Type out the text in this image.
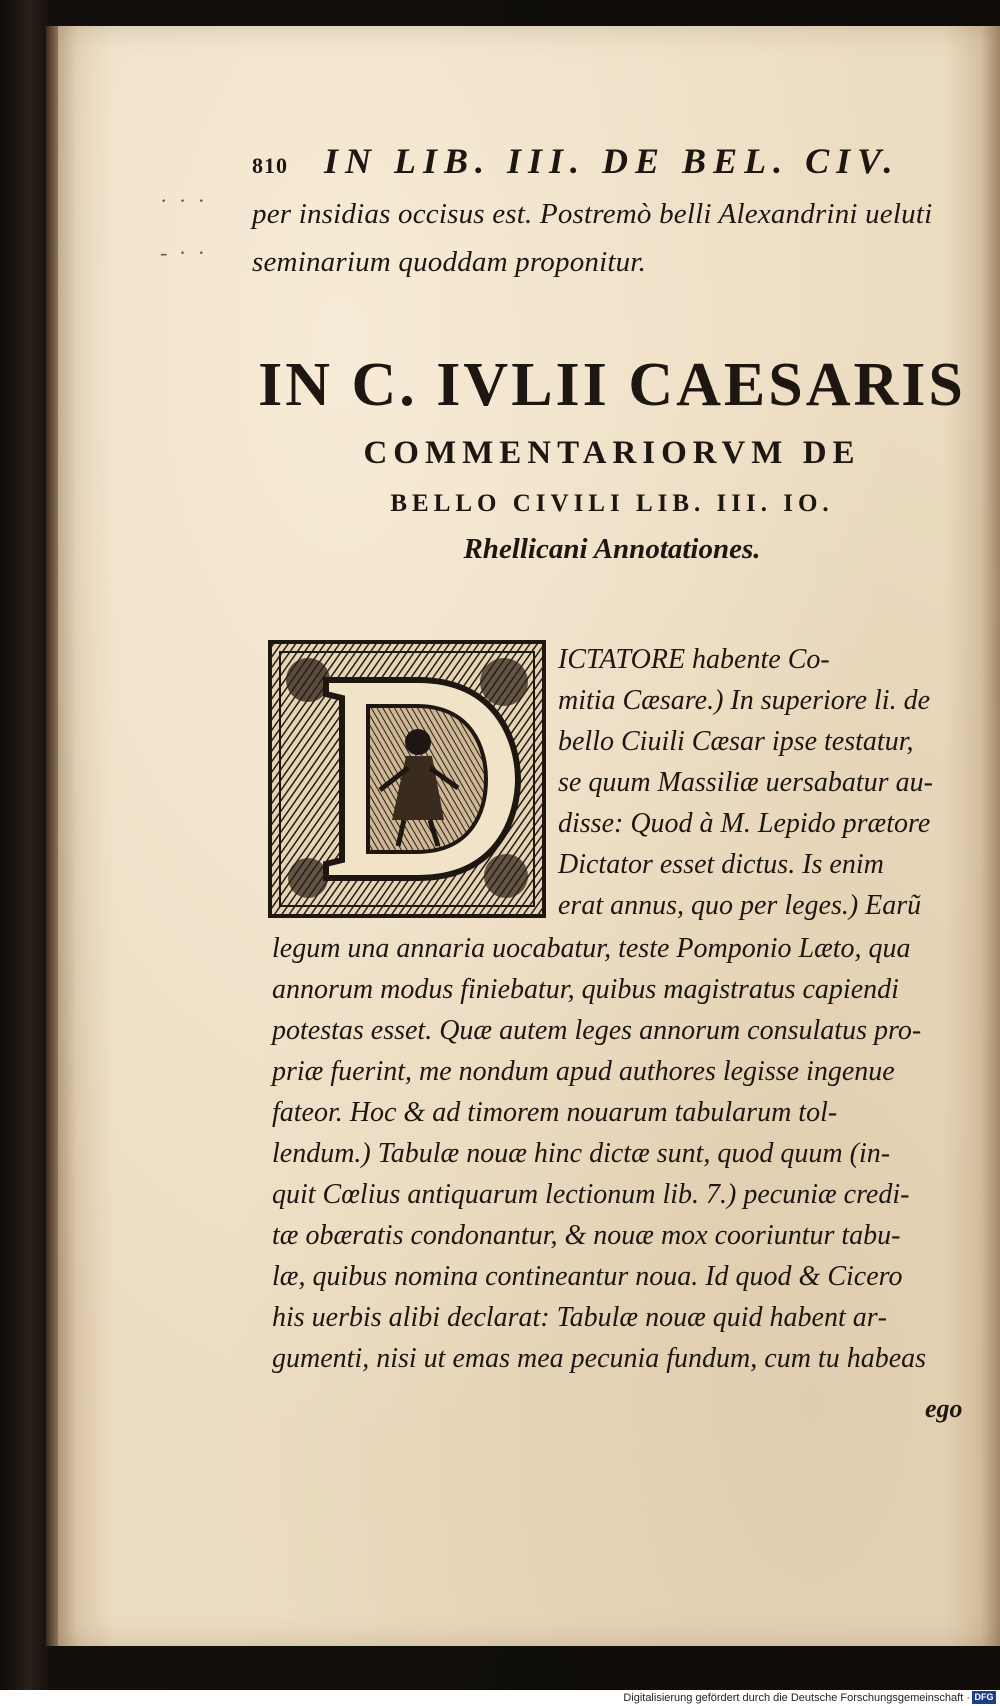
810 IN LIB. III. DE BEL. CIV.
· · ·
‐ · ·
per insidias occisus est. Postremò belli Alexandrini ueluti
seminarium quoddam proponitur.
IN C. IVLII CAESARIS
COMMENTARIORVM DE
BELLO CIVILI LIB. III. IO.
Rhellicani Annotationes.
ICTATORE habente Co‑
mitia Cæsare.) In superiore li. de
bello Ciuili Cæsar ipse testatur,
se quum Massiliæ uersabatur au‑
disse: Quod à M. Lepido prætore
Dictator esset dictus. Is enim
erat annus, quo per leges.) Earũ
legum una annaria uocabatur, teste Pomponio Læto, qua
annorum modus finiebatur, quibus magistratus capiendi
potestas esset. Quæ autem leges annorum consulatus pro‑
priæ fuerint, me nondum apud authores legisse ingenue
fateor. Hoc & ad timorem nouarum tabularum tol‑
lendum.) Tabulæ nouæ hinc dictæ sunt, quod quum (in‑
quit Cœlius antiquarum lectionum lib. 7.) pecuniæ credi‑
tæ obæratis condonantur, & nouæ mox cooriuntur tabu‑
læ, quibus nomina contineantur noua. Id quod & Cicero
his uerbis alibi declarat: Tabulæ nouæ quid habent ar‑
gumenti, nisi ut emas mea pecunia fundum, cum tu habeas
ego
Digitalisierung gefördert durch die Deutsche Forschungsgemeinschaft · DFG
